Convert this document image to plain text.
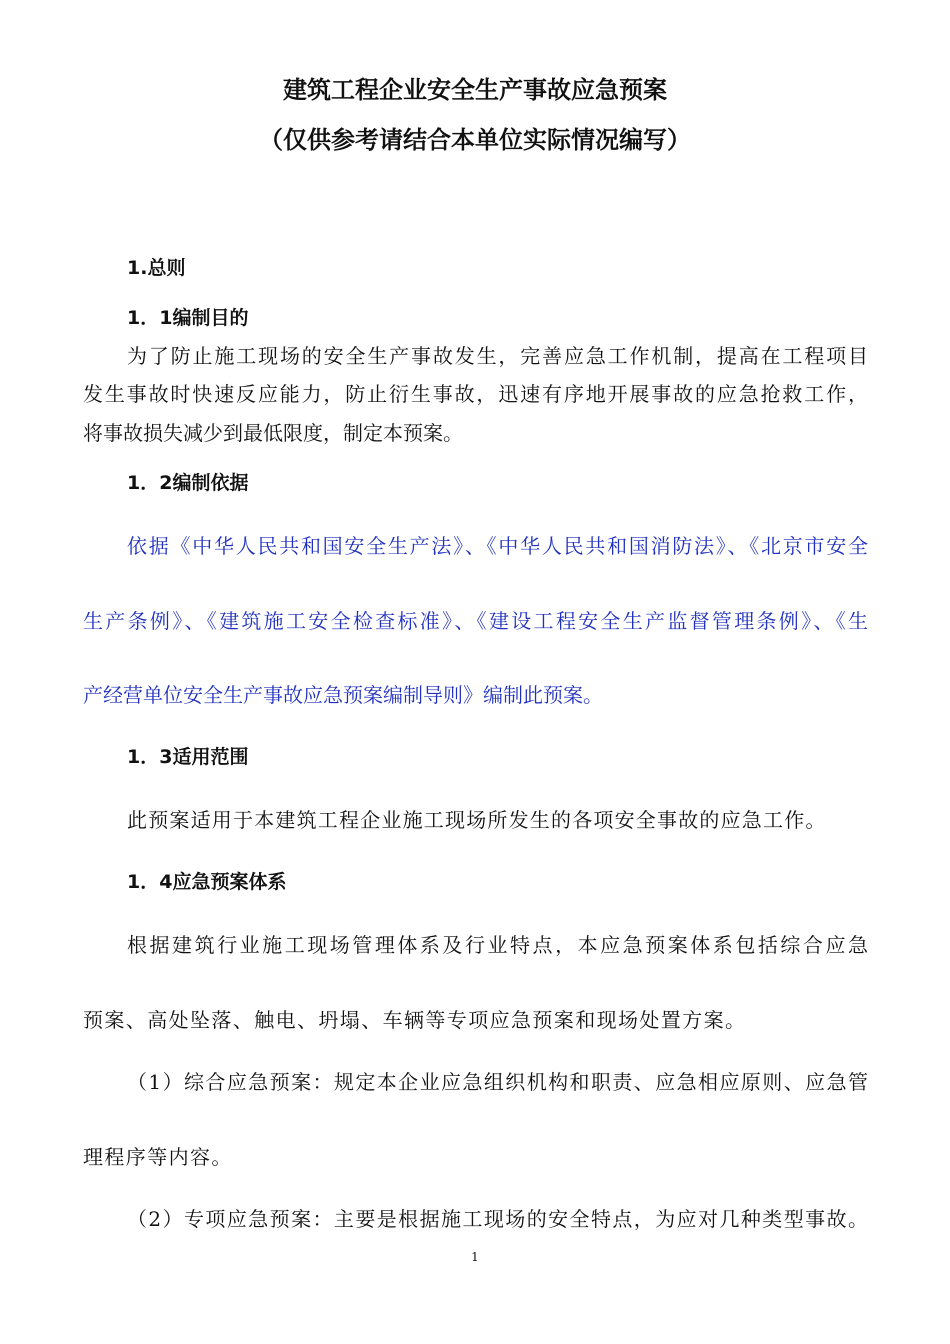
建筑工程企业安全生产事故应急预案
（仅供参考请结合本单位实际情况编写）
1.总则
1．1编制目的
为了防止施工现场的安全生产事故发生，完善应急工作机制，提高在工程项目
发生事故时快速反应能力，防止衍生事故，迅速有序地开展事故的应急抢救工作，
将事故损失减少到最低限度，制定本预案。
1．2编制依据
依据《中华人民共和国安全生产法》、《中华人民共和国消防法》、《北京市安全
生产条例》、《建筑施工安全检查标准》、《建设工程安全生产监督管理条例》、《生
产经营单位安全生产事故应急预案编制导则》编制此预案。
1．3适用范围
此预案适用于本建筑工程企业施工现场所发生的各项安全事故的应急工作。
1．4应急预案体系
根据建筑行业施工现场管理体系及行业特点，本应急预案体系包括综合应急
预案、高处坠落、触电、坍塌、车辆等专项应急预案和现场处置方案。
（1）综合应急预案：规定本企业应急组织机构和职责、应急相应原则、应急管
理程序等内容。
（2）专项应急预案：主要是根据施工现场的安全特点，为应对几种类型事故。
1
